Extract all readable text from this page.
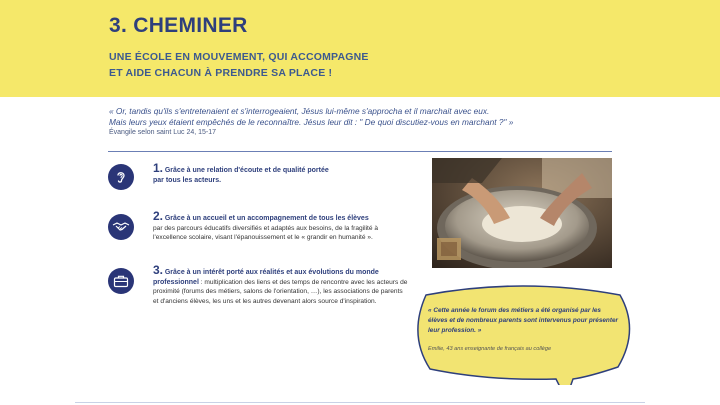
3. CHEMINER

UNE ÉCOLE EN MOUVEMENT, QUI ACCOMPAGNE
ET AIDE CHACUN À PRENDRE SA PLACE !

« Or, tandis qu'ils s'entretenaient et s'interrogeaient, Jésus lui-même s'approcha et il marchait avec eux.
Mais leurs yeux étaient empêchés de le reconnaître. Jésus leur dit : " De quoi discutiez-vous en marchant ?" »
Évangile selon saint Luc 24, 15-17
1. Grâce à une relation d'écoute et de qualité portée
par tous les acteurs.
2. Grâce à un accueil et un accompagnement de tous les élèves
par des parcours éducatifs diversifiés et adaptés aux besoins, de la fragilité à l'excellence scolaire, visant l'épanouissement et le « grandir en humanité ».
3. Grâce à un intérêt porté aux réalités et aux évolutions du monde professionnel : multiplication des liens et des temps de rencontre avec les acteurs de proximité (forums des métiers, salons de l'orientation, …), les associations de parents et d'anciens élèves, les uns et les autres devenant alors source d'inspiration.
« Cette année le forum des métiers a été organisé par les élèves et de nombreux parents sont intervenus pour présenter leur profession. »
Emilie, 43 ans enseignante de français au collège
